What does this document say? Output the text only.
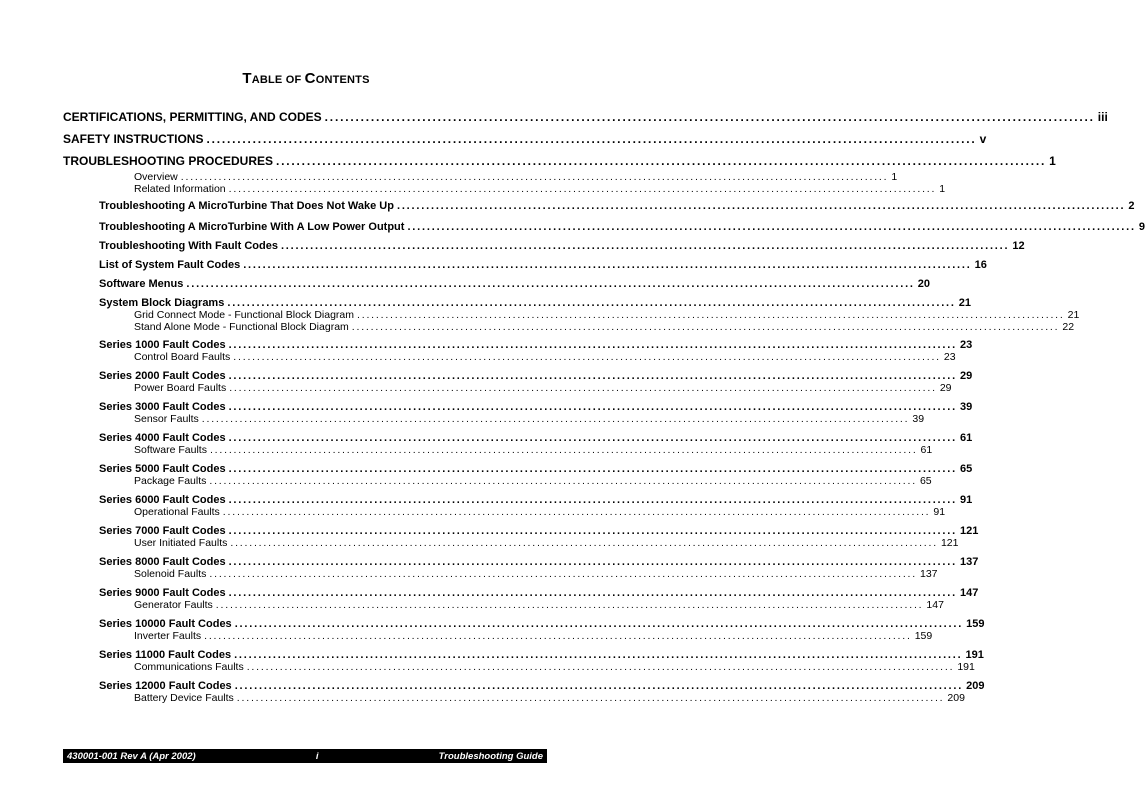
TABLE OF CONTENTS
CERTIFICATIONS, PERMITTING, AND CODES ...................................................................................................................................................... iii
SAFETY INSTRUCTIONS ...................................................................................................................................................... v
TROUBLESHOOTING PROCEDURES ...................................................................................................................................................... 1
Overview ...................................................................................................................................................... 1
Related Information ...................................................................................................................................................... 1
Troubleshooting A MicroTurbine That Does Not Wake Up ...................................................................................................................................................... 2
Troubleshooting A MicroTurbine With A Low Power Output ...................................................................................................................................................... 9
Troubleshooting With Fault Codes ...................................................................................................................................................... 12
List of System Fault Codes ...................................................................................................................................................... 16
Software Menus ...................................................................................................................................................... 20
System Block Diagrams ...................................................................................................................................................... 21
Grid Connect Mode - Functional Block Diagram ...................................................................................................................................................... 21
Stand Alone Mode - Functional Block Diagram ...................................................................................................................................................... 22
Series 1000 Fault Codes ...................................................................................................................................................... 23
Control Board Faults ...................................................................................................................................................... 23
Series 2000 Fault Codes ...................................................................................................................................................... 29
Power Board Faults ...................................................................................................................................................... 29
Series 3000 Fault Codes ...................................................................................................................................................... 39
Sensor Faults ...................................................................................................................................................... 39
Series 4000 Fault Codes ...................................................................................................................................................... 61
Software Faults ...................................................................................................................................................... 61
Series 5000 Fault Codes ...................................................................................................................................................... 65
Package Faults ...................................................................................................................................................... 65
Series 6000 Fault Codes ...................................................................................................................................................... 91
Operational Faults ...................................................................................................................................................... 91
Series 7000 Fault Codes ...................................................................................................................................................... 121
User Initiated Faults ...................................................................................................................................................... 121
Series 8000 Fault Codes ...................................................................................................................................................... 137
Solenoid Faults ...................................................................................................................................................... 137
Series 9000 Fault Codes ...................................................................................................................................................... 147
Generator Faults ...................................................................................................................................................... 147
Series 10000 Fault Codes ...................................................................................................................................................... 159
Inverter Faults ...................................................................................................................................................... 159
Series 11000 Fault Codes ...................................................................................................................................................... 191
Communications Faults ...................................................................................................................................................... 191
Series 12000 Fault Codes ...................................................................................................................................................... 209
Battery Device Faults ...................................................................................................................................................... 209
430001-001 Rev A (Apr 2002)	i	Troubleshooting Guide
